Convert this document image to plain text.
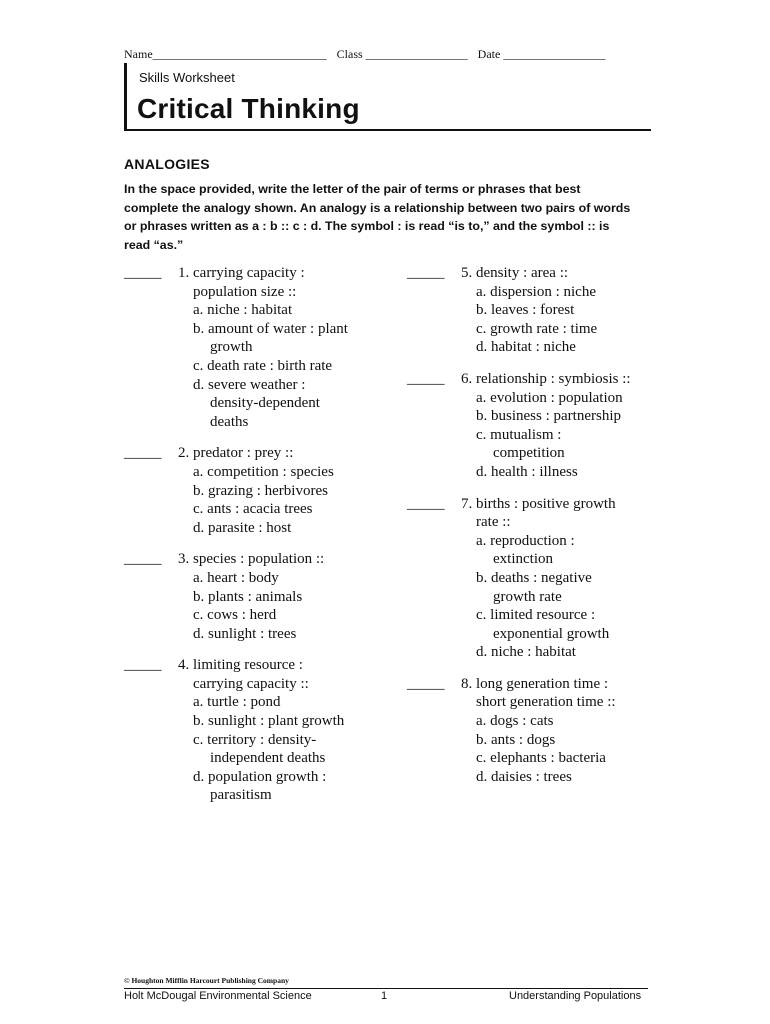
Name_____________________________ Class _________________ Date _________________
Skills Worksheet
Critical Thinking
ANALOGIES
In the space provided, write the letter of the pair of terms or phrases that best complete the analogy shown. An analogy is a relationship between two pairs of words or phrases written as a : b :: c : d. The symbol : is read “is to,” and the symbol :: is read “as.”
_____	1. carrying capacity :
population size ::
a. niche : habitat
b. amount of water : plant
growth
c. death rate : birth rate
d. severe weather :
density-dependent
deaths
_____	2. predator : prey ::
a. competition : species
b. grazing : herbivores
c. ants : acacia trees
d. parasite : host
_____	3. species : population ::
a. heart : body
b. plants : animals
c. cows : herd
d. sunlight : trees
_____	4. limiting resource :
carrying capacity ::
a. turtle : pond
b. sunlight : plant growth
c. territory : density-
independent deaths
d. population growth :
parasitism
_____	5. density : area ::
a. dispersion : niche
b. leaves : forest
c. growth rate : time
d. habitat : niche
_____	6. relationship : symbiosis ::
a. evolution : population
b. business : partnership
c. mutualism :
competition
d. health : illness
_____	7. births : positive growth
rate ::
a. reproduction :
extinction
b. deaths : negative
growth rate
c. limited resource :
exponential growth
d. niche : habitat
_____	8. long generation time :
short generation time ::
a. dogs : cats
b. ants : dogs
c. elephants : bacteria
d. daisies : trees
© Houghton Mifflin Harcourt Publishing Company
Holt McDougal Environmental Science	1	Understanding Populations
